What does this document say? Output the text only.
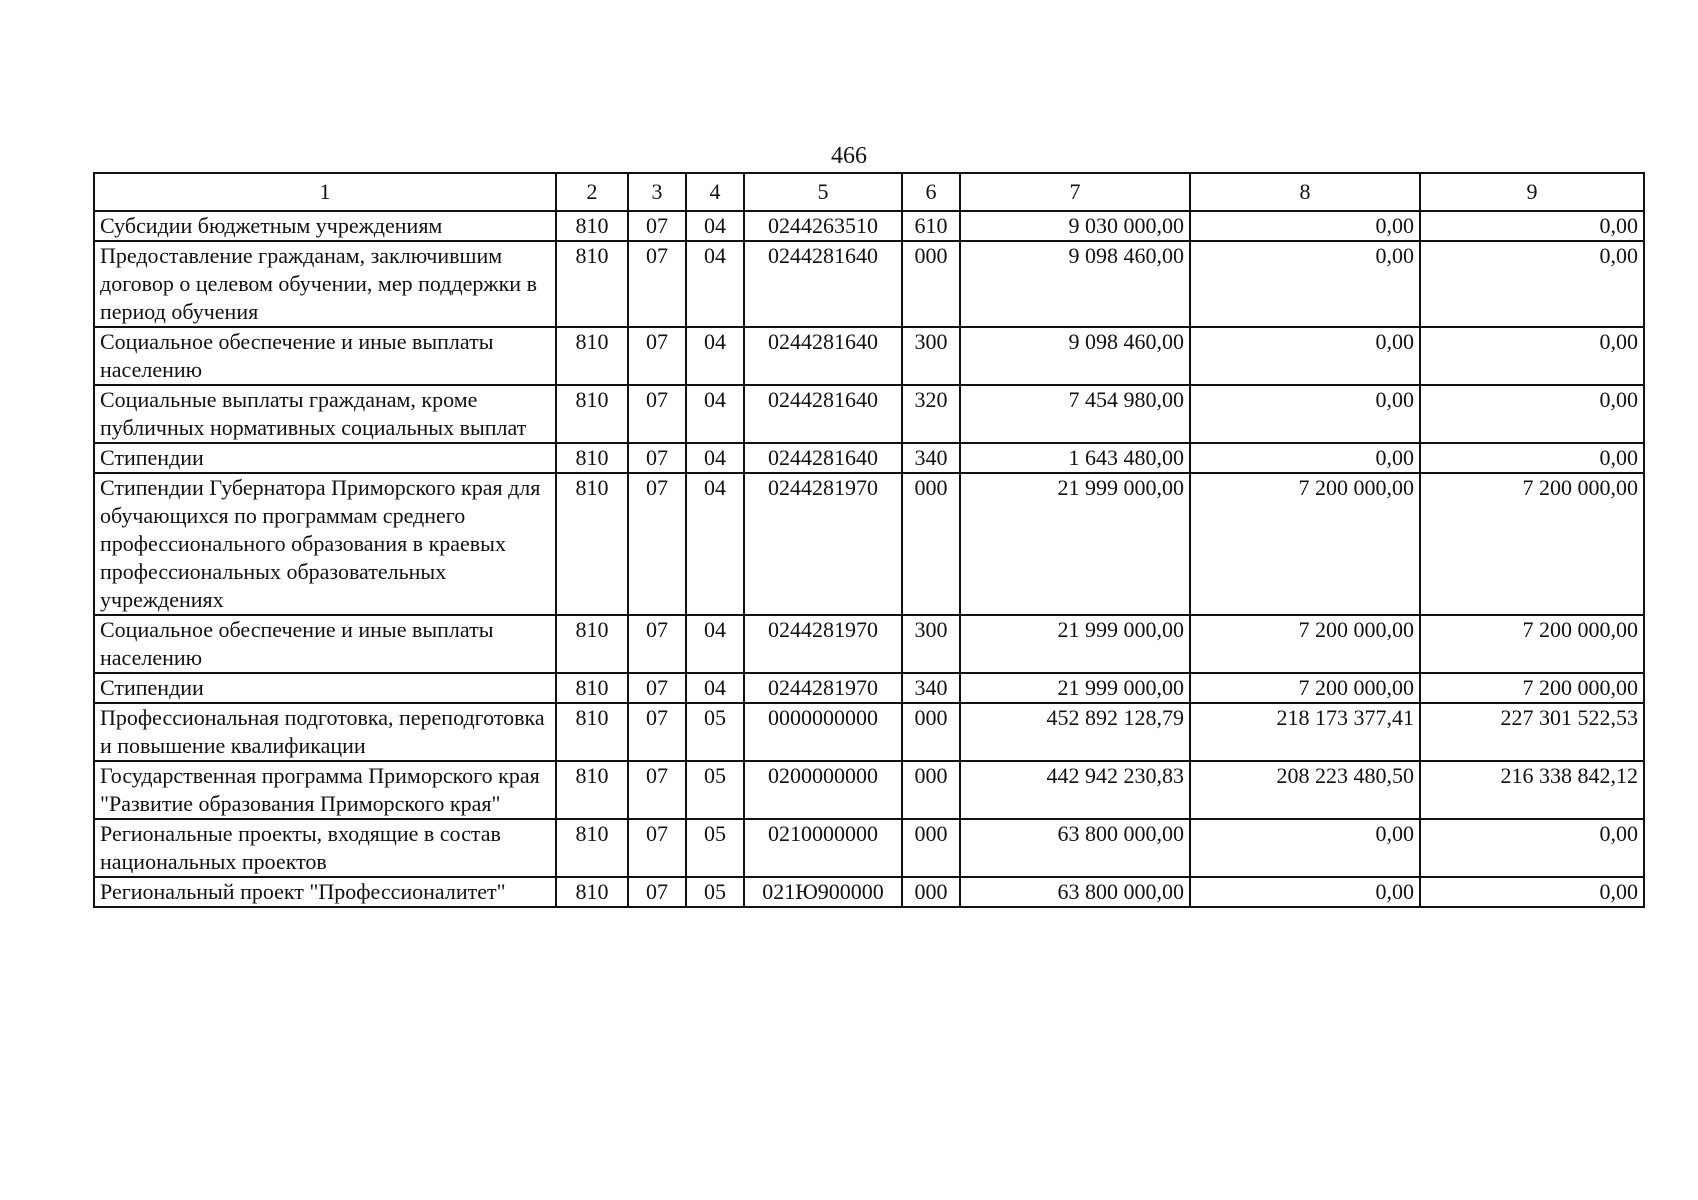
466
1	2	3	4	5	6	7	8	9
Субсидии бюджетным учреждениям	810	07	04	0244263510	610	9 030 000,00	0,00	0,00
Предоставление гражданам, заключившим договор о целевом обучении, мер поддержки в период обучения	810	07	04	0244281640	000	9 098 460,00	0,00	0,00
Социальное обеспечение и иные выплаты населению	810	07	04	0244281640	300	9 098 460,00	0,00	0,00
Социальные выплаты гражданам, кроме публичных нормативных социальных выплат	810	07	04	0244281640	320	7 454 980,00	0,00	0,00
Стипендии	810	07	04	0244281640	340	1 643 480,00	0,00	0,00
Стипендии Губернатора Приморского края для обучающихся по программам среднего профессионального образования в краевых профессиональных образовательных учреждениях	810	07	04	0244281970	000	21 999 000,00	7 200 000,00	7 200 000,00
Социальное обеспечение и иные выплаты населению	810	07	04	0244281970	300	21 999 000,00	7 200 000,00	7 200 000,00
Стипендии	810	07	04	0244281970	340	21 999 000,00	7 200 000,00	7 200 000,00
Профессиональная подготовка, переподготовка и повышение квалификации	810	07	05	0000000000	000	452 892 128,79	218 173 377,41	227 301 522,53
Государственная программа Приморского края "Развитие образования Приморского края"	810	07	05	0200000000	000	442 942 230,83	208 223 480,50	216 338 842,12
Региональные проекты, входящие в состав национальных проектов	810	07	05	0210000000	000	63 800 000,00	0,00	0,00
Региональный проект "Профессионалитет"	810	07	05	021Ю900000	000	63 800 000,00	0,00	0,00
